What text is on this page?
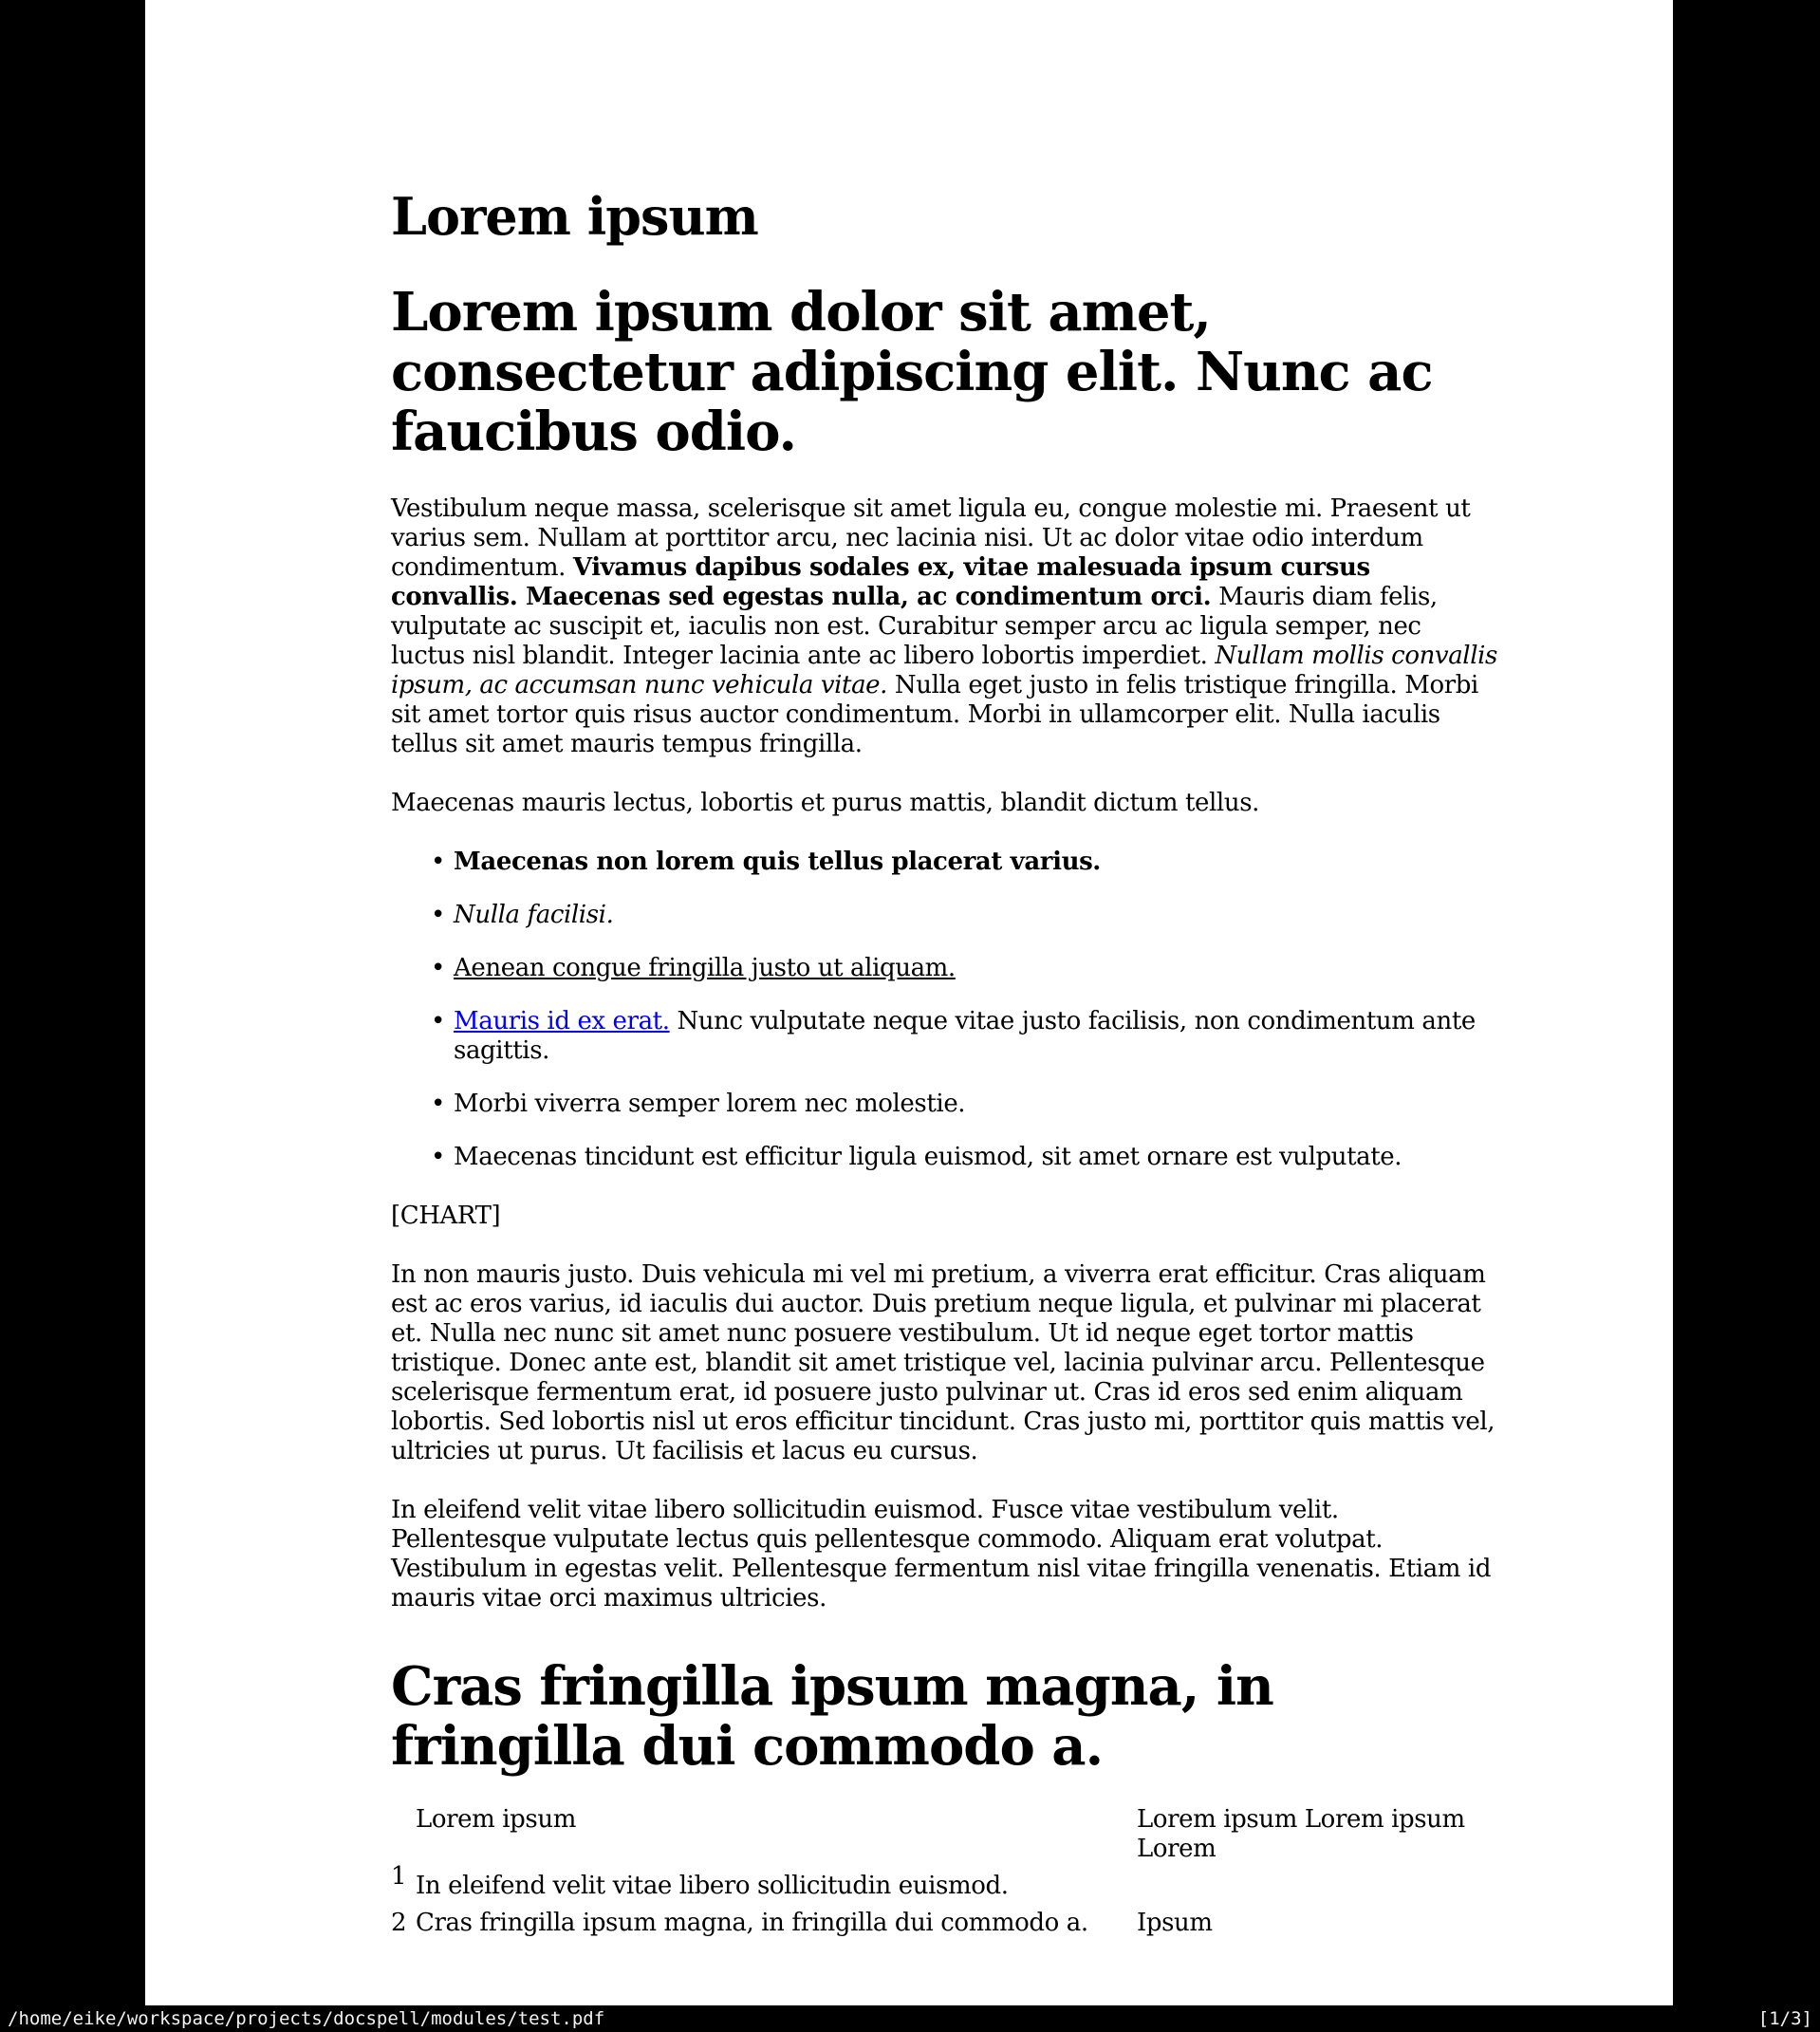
Lorem ipsum
Lorem ipsum dolor sit amet,
consectetur adipiscing elit. Nunc ac
faucibus odio.

Vestibulum neque massa, scelerisque sit amet ligula eu, congue molestie mi. Praesent ut varius sem. Nullam at porttitor arcu, nec lacinia nisi. Ut ac dolor vitae odio interdum condimentum. Vivamus dapibus sodales ex, vitae malesuada ipsum cursus convallis. Maecenas sed egestas nulla, ac condimentum orci. Mauris diam felis, vulputate ac suscipit et, iaculis non est. Curabitur semper arcu ac ligula semper, nec luctus nisl blandit. Integer lacinia ante ac libero lobortis imperdiet. Nullam mollis convallis ipsum, ac accumsan nunc vehicula vitae. Nulla eget justo in felis tristique fringilla. Morbi sit amet tortor quis risus auctor condimentum. Morbi in ullamcorper elit. Nulla iaculis tellus sit amet mauris tempus fringilla.

Maecenas mauris lectus, lobortis et purus mattis, blandit dictum tellus.

•
Maecenas non lorem quis tellus placerat varius.
•
Nulla facilisi.
•
Aenean congue fringilla justo ut aliquam.
•
Mauris id ex erat. Nunc vulputate neque vitae justo facilisis, non condimentum ante sagittis.
•
Morbi viverra semper lorem nec molestie.
•
Maecenas tincidunt est efficitur ligula euismod, sit amet ornare est vulputate.

[CHART]

In non mauris justo. Duis vehicula mi vel mi pretium, a viverra erat efficitur. Cras aliquam est ac eros varius, id iaculis dui auctor. Duis pretium neque ligula, et pulvinar mi placerat et. Nulla nec nunc sit amet nunc posuere vestibulum. Ut id neque eget tortor mattis tristique. Donec ante est, blandit sit amet tristique vel, lacinia pulvinar arcu. Pellentesque scelerisque fermentum erat, id posuere justo pulvinar ut. Cras id eros sed enim aliquam lobortis. Sed lobortis nisl ut eros efficitur tincidunt. Cras justo mi, porttitor quis mattis vel, ultricies ut purus. Ut facilisis et lacus eu cursus.

In eleifend velit vitae libero sollicitudin euismod. Fusce vitae vestibulum velit. Pellentesque vulputate lectus quis pellentesque commodo. Aliquam erat volutpat. Vestibulum in egestas velit. Pellentesque fermentum nisl vitae fringilla venenatis. Etiam id mauris vitae orci maximus ultricies.

Cras fringilla ipsum magna, in
fringilla dui commodo a.
Lorem ipsum	Lorem ipsum Lorem ipsum Lorem
1 In eleifend velit vitae libero sollicitudin euismod.
2 Cras fringilla ipsum magna, in fringilla dui commodo a.	Ipsum
/home/eike/workspace/projects/docspell/modules/test.pdf	[1/3]
